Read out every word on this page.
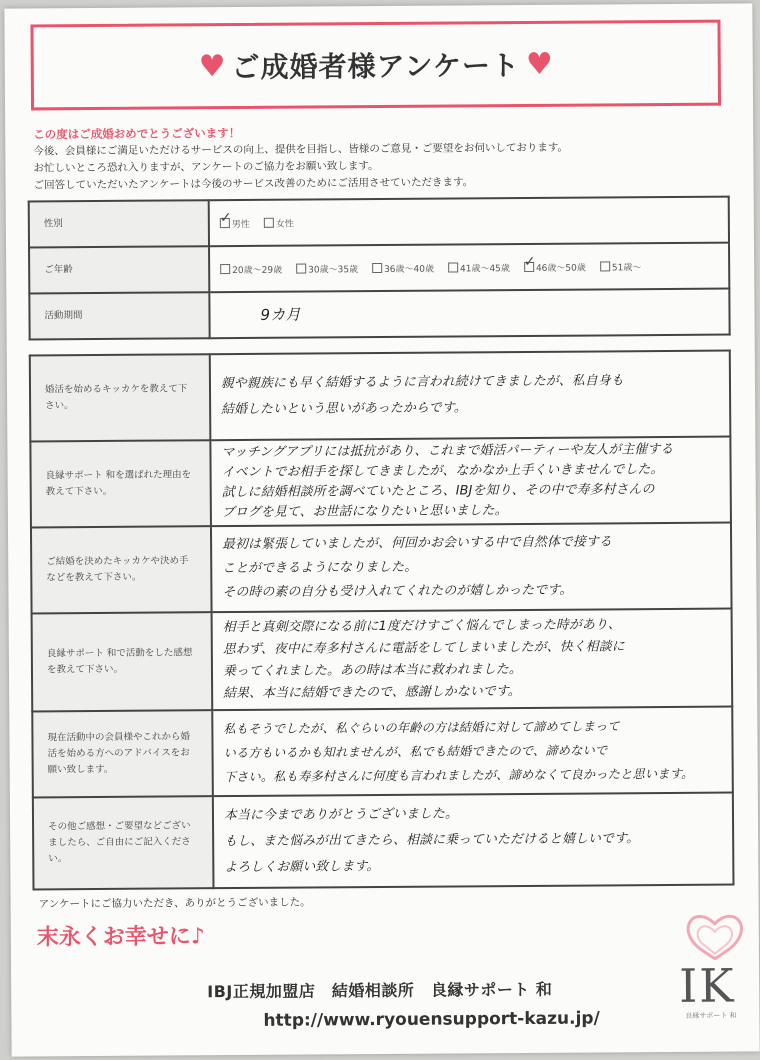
♥ ご成婚者様アンケート ♥
この度はご成婚おめでとうございます！
今後、会員様にご満足いただけるサービスの向上、提供を目指し、皆様のご意見・ご要望をお伺いしております。
お忙しいところ恐れ入りますが、アンケートのご協力をお願い致します。
ご回答していただいたアンケートは今後のサービス改善のためにご活用させていただきます。
性別	✓男性 女性
ご年齢	20歳～29歳 30歳～35歳 36歳～40歳 41歳～45歳 ✓ 46歳～50歳 51歳～
活動期間	9カ月
婚活を始めるキッカケを教えて下さい。	親や親族にも早く結婚するように言われ続けてきましたが、私自身も
結婚したいという思いがあったからです。

良縁サポート 和を選ばれた理由を教えて下さい。	マッチングアプリには抵抗があり、これまで婚活パーティーや友人が主催する
イベントでお相手を探してきましたが、なかなか上手くいきませんでした。
試しに結婚相談所を調べていたところ、IBJを知り、その中で寿多村さんの
ブログを見て、お世話になりたいと思いました。

ご結婚を決めたキッカケや決め手などを教えて下さい。	最初は緊張していましたが、何回かお会いする中で自然体で接する
ことができるようになりました。
その時の素の自分も受け入れてくれたのが嬉しかったです。

良縁サポート 和で活動をした感想を教えて下さい。	相手と真剣交際になる前に1度だけすごく悩んでしまった時があり、
思わず、夜中に寿多村さんに電話をしてしまいましたが、快く相談に
乗ってくれました。あの時は本当に救われました。
結果、本当に結婚できたので、感謝しかないです。

現在活動中の会員様やこれから婚活を始める方へのアドバイスをお願い致します。	私もそうでしたが、私ぐらいの年齢の方は結婚に対して諦めてしまって
いる方もいるかも知れませんが、私でも結婚できたので、諦めないで
下さい。私も寿多村さんに何度も言われましたが、諦めなくて良かったと思います。

その他ご感想・ご要望などございましたら、ご自由にご記入ください。	本当に今までありがとうございました。
もし、また悩みが出てきたら、相談に乗っていただけると嬉しいです。
よろしくお願い致します。
アンケートにご協力いただき、ありがとうございました。
末永くお幸せに♪
IBJ正規加盟店　結婚相談所　良縁サポート 和
http://www.ryouensupport-kazu.jp/
I K
良縁サポート 和
